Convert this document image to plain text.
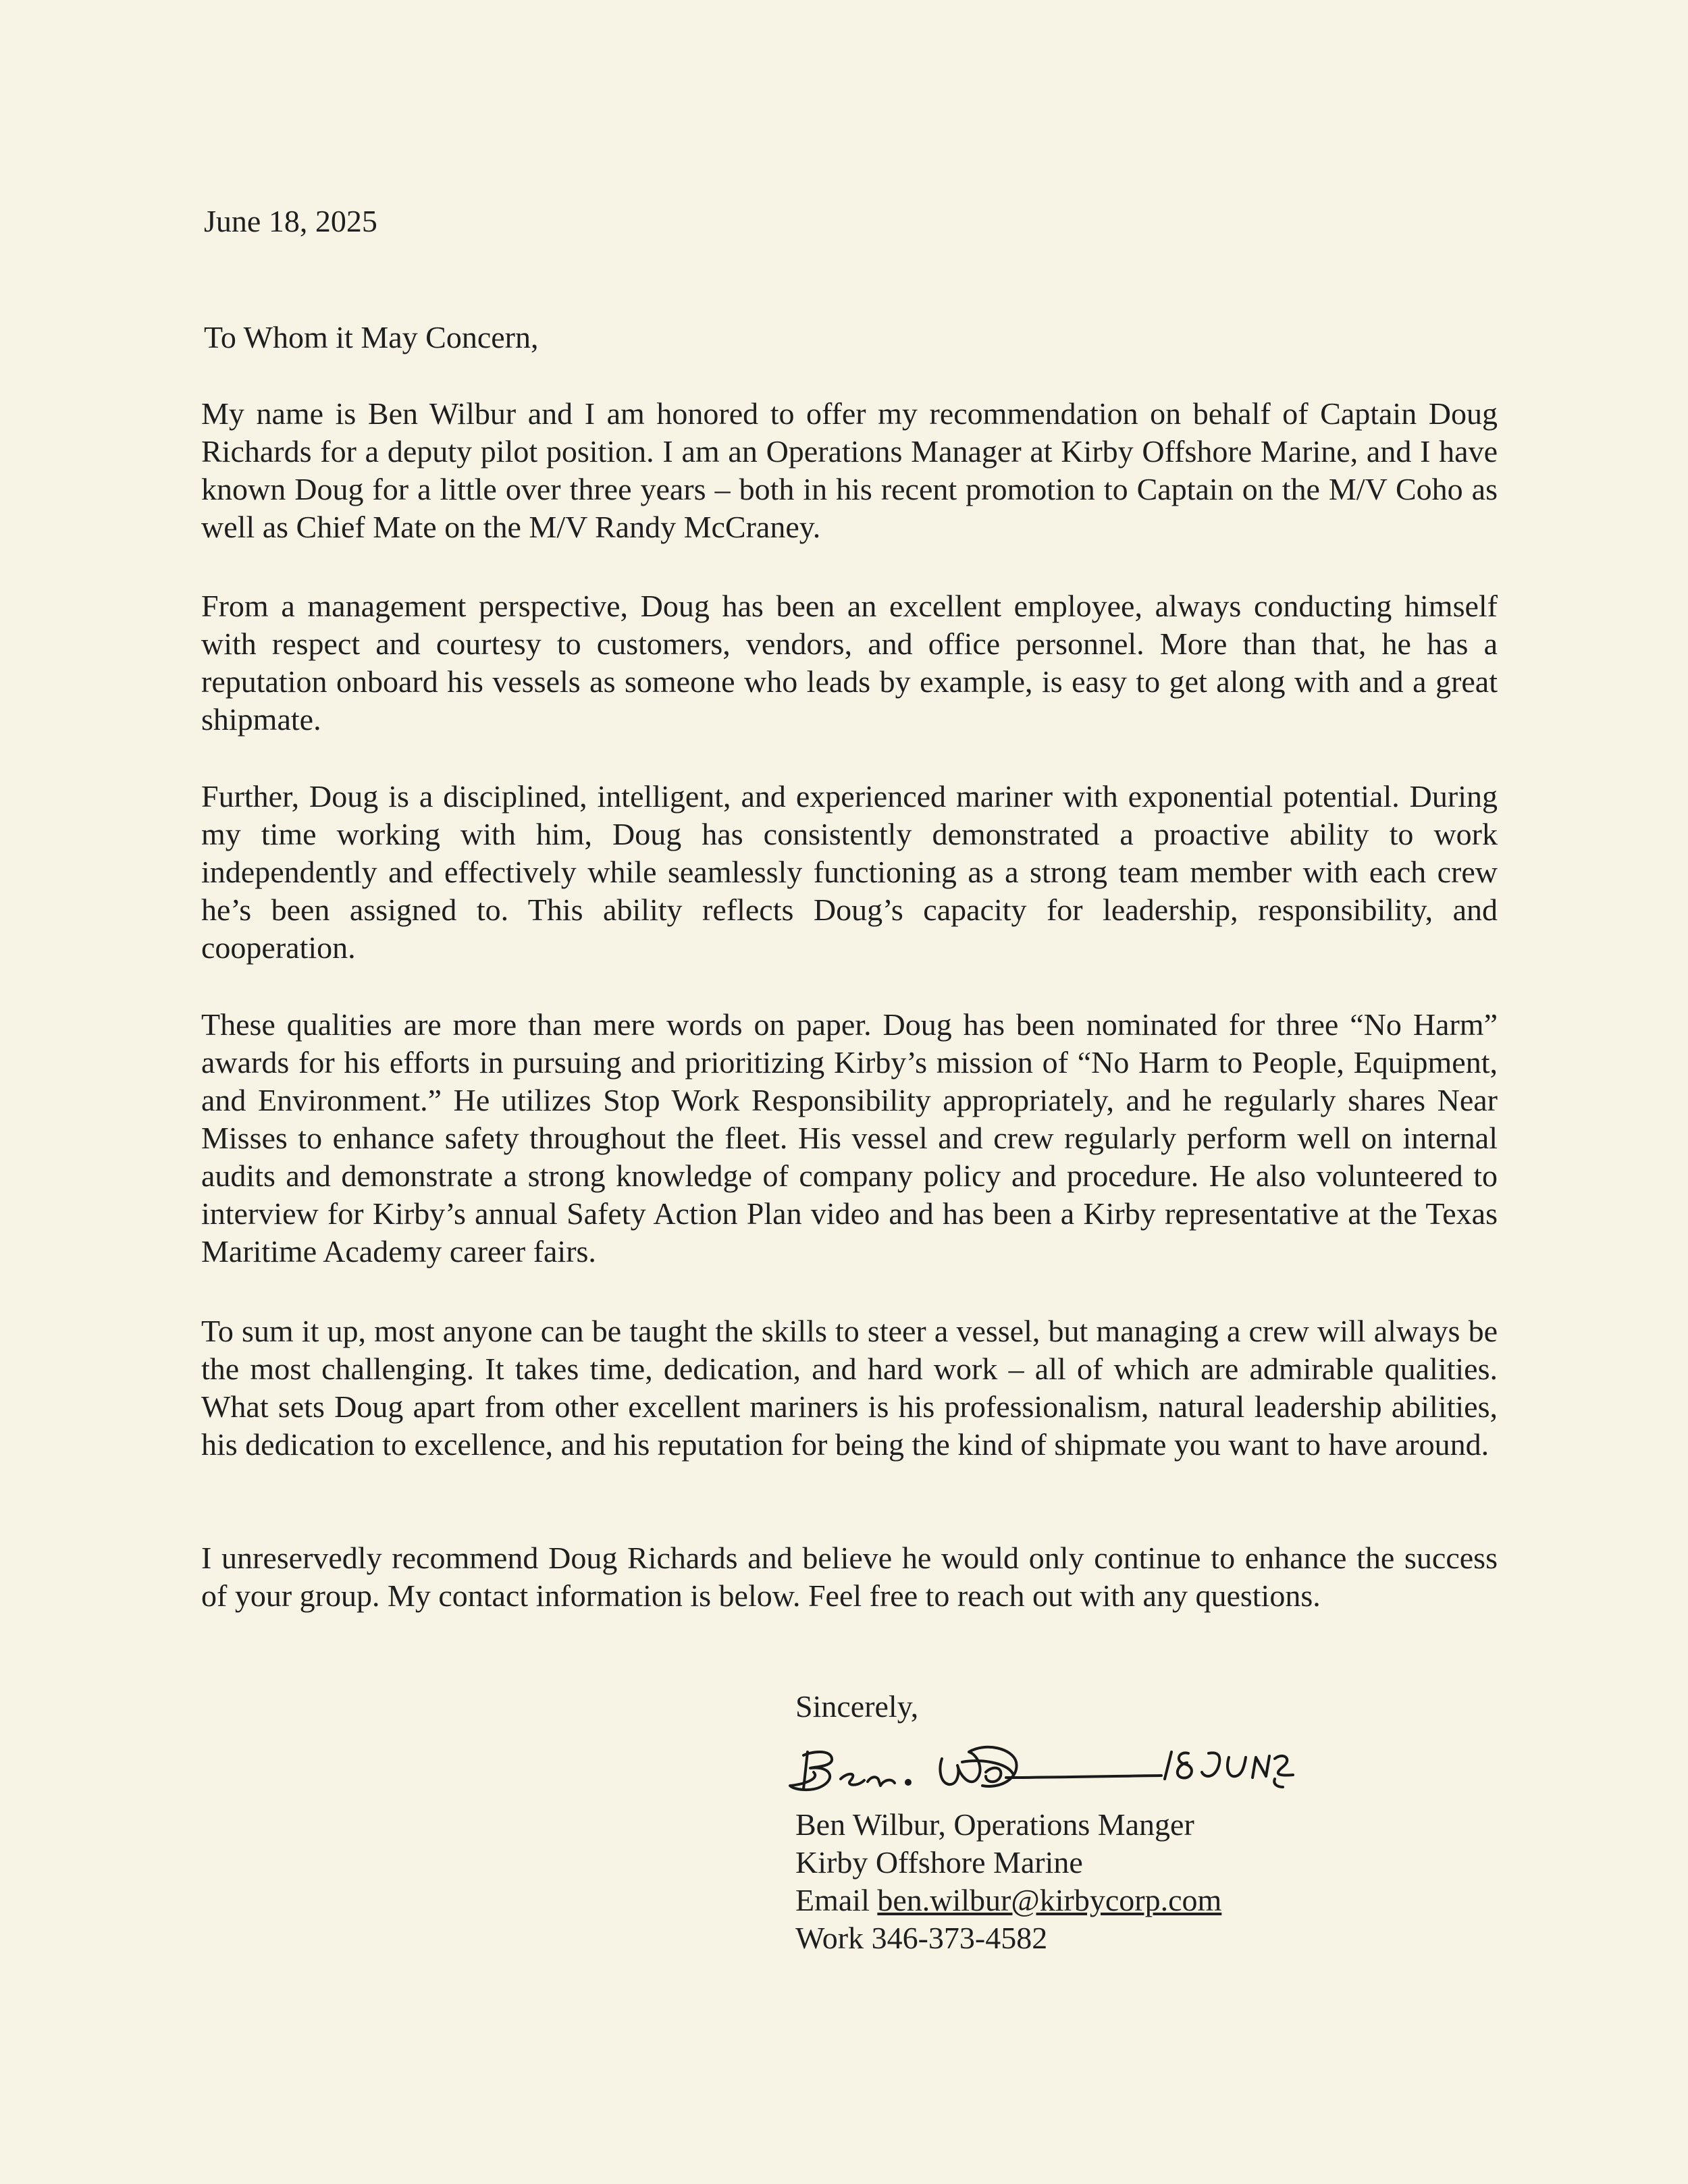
June 18, 2025
To Whom it May Concern,
My name is Ben Wilbur and I am honored to offer my recommendation on behalf of Captain Doug Richards for a deputy pilot position. I am an Operations Manager at Kirby Offshore Marine, and I have known Doug for a little over three years – both in his recent promotion to Captain on the M/V Coho as well as Chief Mate on the M/V Randy McCraney.
From a management perspective, Doug has been an excellent employee, always conducting himself with respect and courtesy to customers, vendors, and office personnel. More than that, he has a reputation onboard his vessels as someone who leads by example, is easy to get along with and a great shipmate.
Further, Doug is a disciplined, intelligent, and experienced mariner with exponential potential. During my time working with him, Doug has consistently demonstrated a proactive ability to work independently and effectively while seamlessly functioning as a strong team member with each crew he’s been assigned to. This ability reflects Doug’s capacity for leadership, responsibility, and cooperation.
These qualities are more than mere words on paper. Doug has been nominated for three “No Harm” awards for his efforts in pursuing and prioritizing Kirby’s mission of “No Harm to People, Equipment, and Environment.” He utilizes Stop Work Responsibility appropriately, and he regularly shares Near Misses to enhance safety throughout the fleet. His vessel and crew regularly perform well on internal audits and demonstrate a strong knowledge of company policy and procedure. He also volunteered to interview for Kirby’s annual Safety Action Plan video and has been a Kirby representative at the Texas Maritime Academy career fairs.
To sum it up, most anyone can be taught the skills to steer a vessel, but managing a crew will always be the most challenging. It takes time, dedication, and hard work – all of which are admirable qualities. What sets Doug apart from other excellent mariners is his professionalism, natural leadership abilities, his dedication to excellence, and his reputation for being the kind of shipmate you want to have around.
I unreservedly recommend Doug Richards and believe he would only continue to enhance the success of your group. My contact information is below. Feel free to reach out with any questions.
Sincerely,
Ben Wilbur, Operations Manger
Kirby Offshore Marine
Email ben.wilbur@kirbycorp.com
Work 346-373-4582
